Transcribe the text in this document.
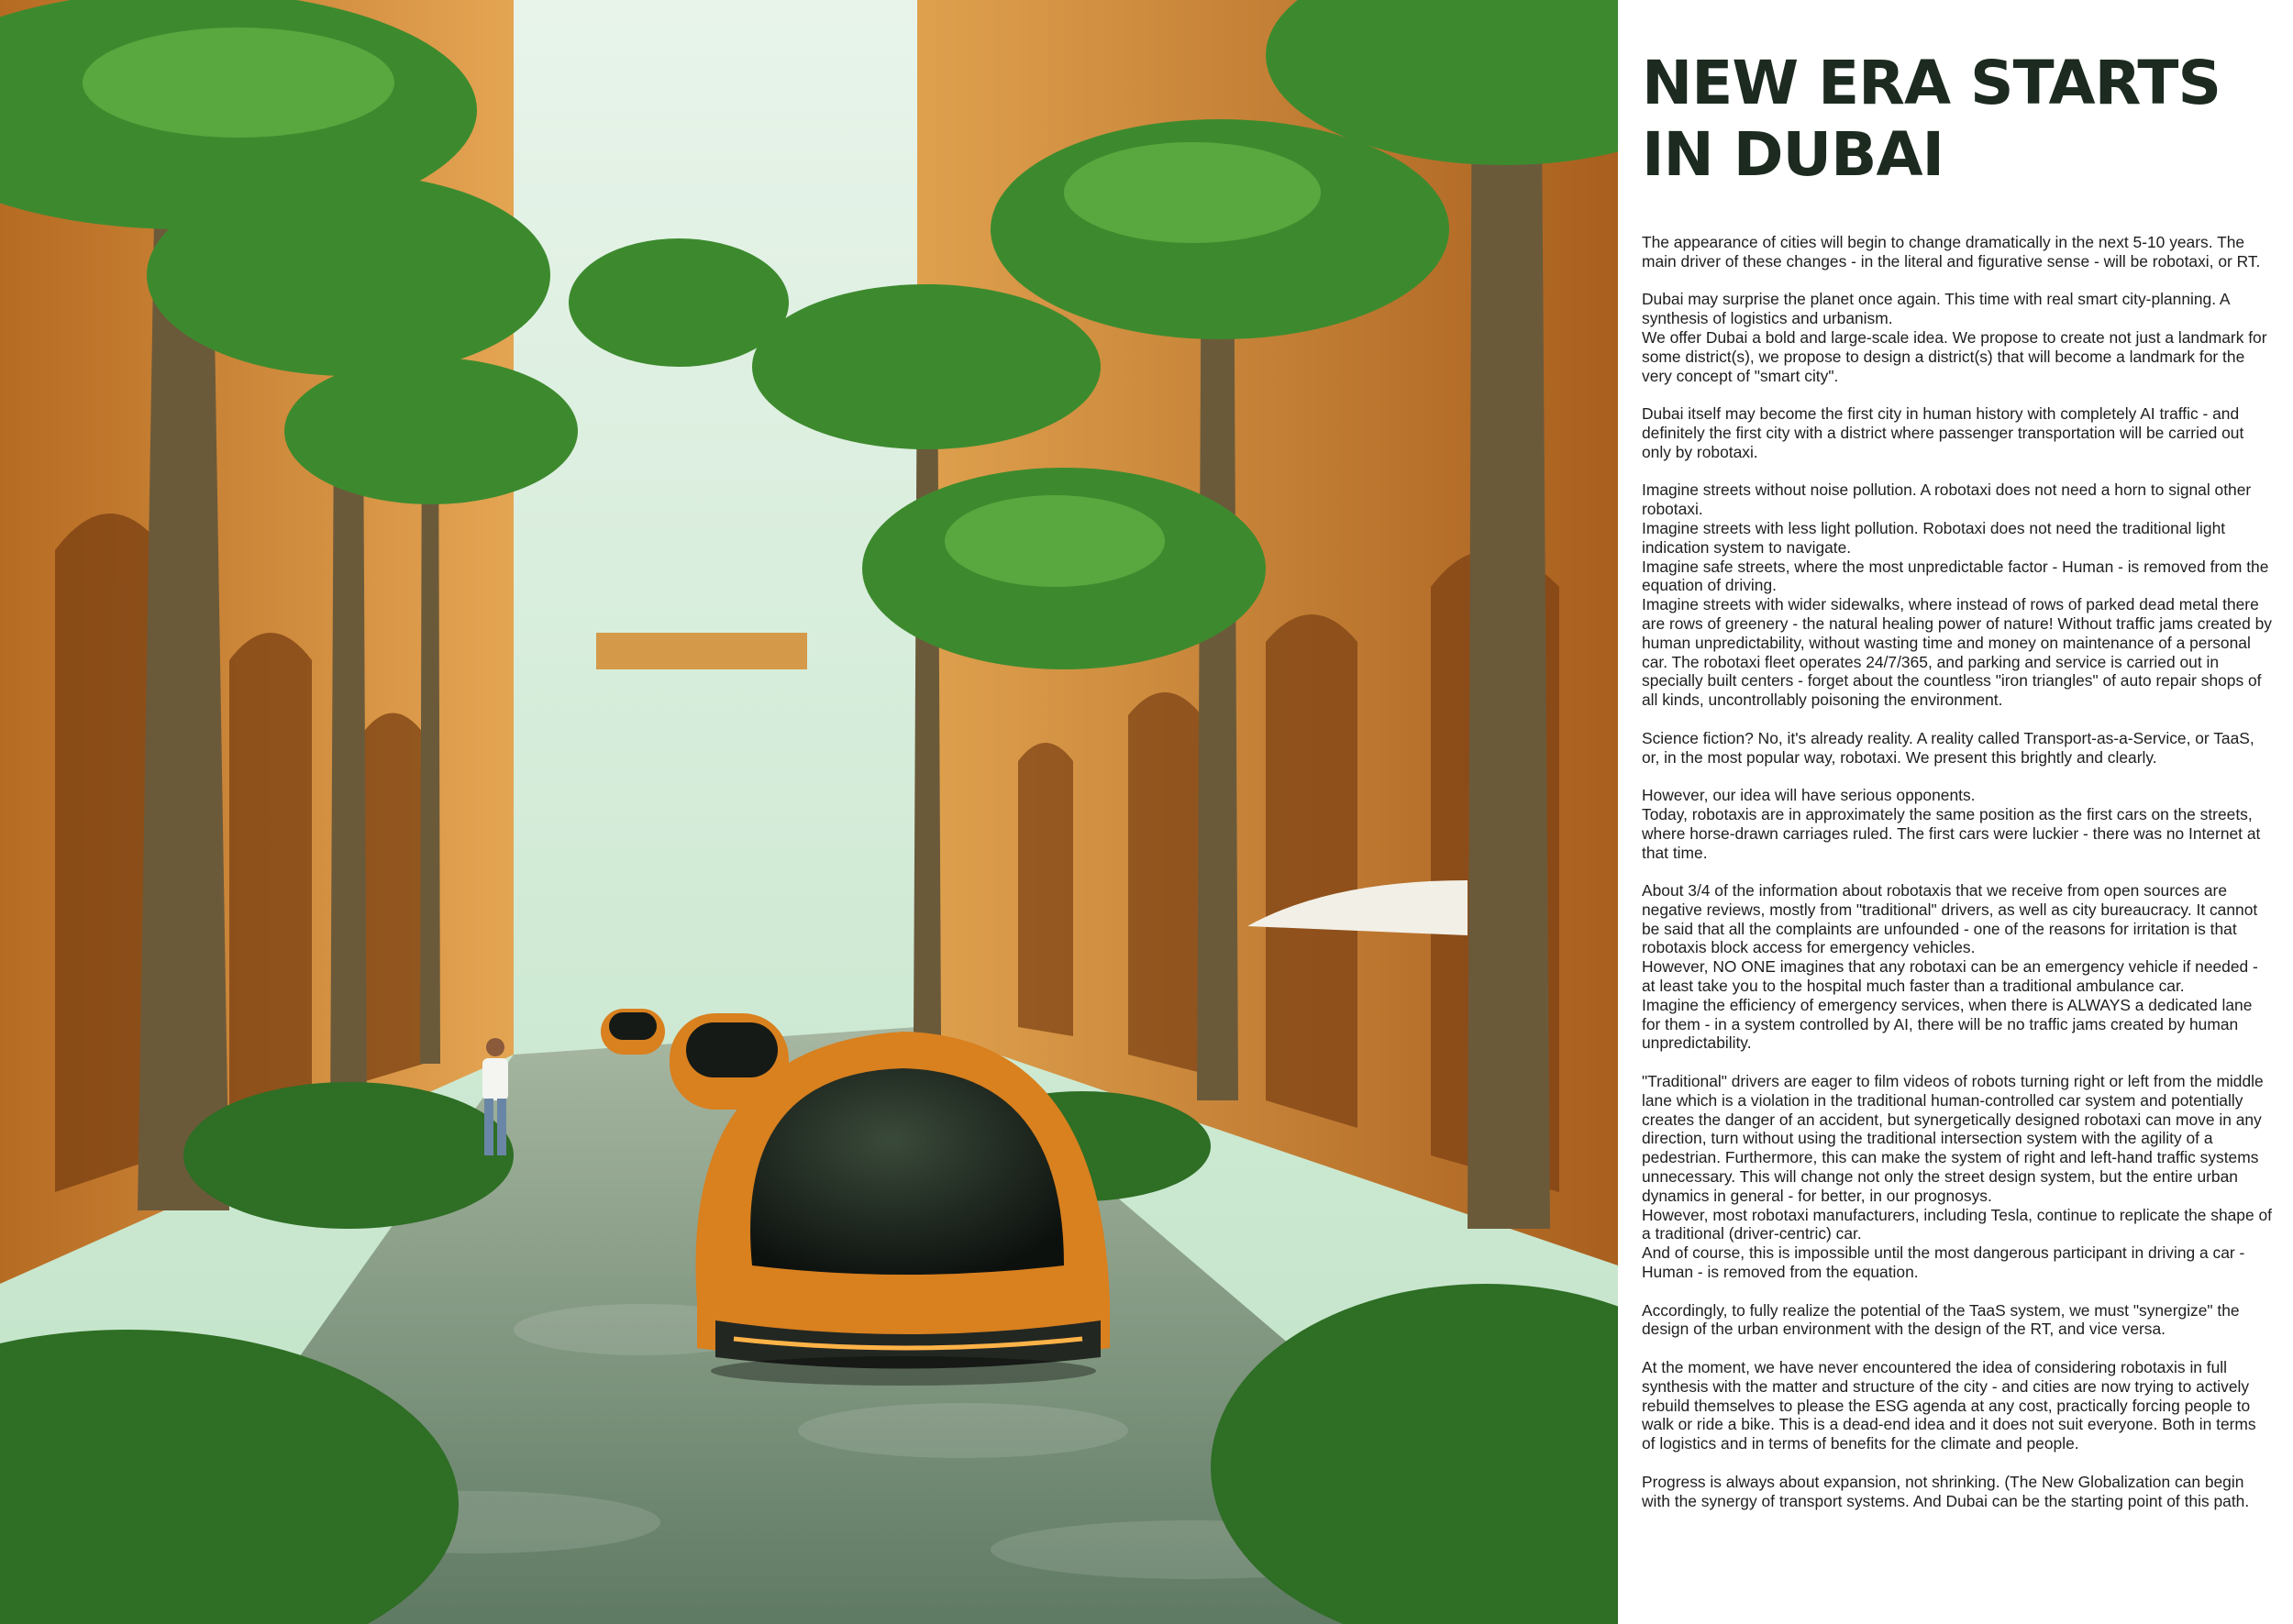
NEW ERA STARTS IN DUBAI

The appearance of cities will begin to change dramatically in the next 5-10 years. The main driver of these changes - in the literal and figurative sense - will be robotaxi, or RT.

Dubai may surprise the planet once again. This time with real smart city-planning. A synthesis of logistics and urbanism.
We offer Dubai a bold and large-scale idea. We propose to create not just a landmark for some district(s), we propose to design a district(s) that will become a landmark for the very concept of "smart city".

Dubai itself may become the first city in human history with completely AI traffic - and definitely the first city with a district where passenger transportation will be carried out only by robotaxi.

Imagine streets without noise pollution. A robotaxi does not need a horn to signal other robotaxi.
Imagine streets with less light pollution. Robotaxi does not need the traditional light indication system to navigate.
Imagine safe streets, where the most unpredictable factor - Human - is removed from the equation of driving.
Imagine streets with wider sidewalks, where instead of rows of parked dead metal there are rows of greenery - the natural healing power of nature! Without traffic jams created by human unpredictability, without wasting time and money on maintenance of a personal car. The robotaxi fleet operates 24/7/365, and parking and service is carried out in specially built centers - forget about the countless "iron triangles" of auto repair shops of all kinds, uncontrollably poisoning the environment.

Science fiction? No, it's already reality. A reality called Transport-as-a-Service, or TaaS, or, in the most popular way, robotaxi. We present this brightly and clearly.

However, our idea will have serious opponents.
Today, robotaxis are in approximately the same position as the first cars on the streets, where horse-drawn carriages ruled. The first cars were luckier - there was no Internet at that time.

About 3/4 of the information about robotaxis that we receive from open sources are negative reviews, mostly from "traditional" drivers, as well as city bureaucracy. It cannot be said that all the complaints are unfounded - one of the reasons for irritation is that robotaxis block access for emergency vehicles.
However, NO ONE imagines that any robotaxi can be an emergency vehicle if needed - at least take you to the hospital much faster than a traditional ambulance car.
Imagine the efficiency of emergency services, when there is ALWAYS a dedicated lane for them - in a system controlled by AI, there will be no traffic jams created by human unpredictability.

"Traditional" drivers are eager to film videos of robots turning right or left from the middle lane which is a violation in the traditional human-controlled car system and potentially creates the danger of an accident, but synergetically designed robotaxi can move in any direction, turn without using the traditional intersection system with the agility of a pedestrian. Furthermore, this can make the system of right and left-hand traffic systems unnecessary. This will change not only the street design system, but the entire urban dynamics in general - for better, in our prognosys.
However, most robotaxi manufacturers, including Tesla, continue to replicate the shape of a traditional (driver-centric) car.
And of course, this is impossible until the most dangerous participant in driving a car - Human - is removed from the equation.

Accordingly, to fully realize the potential of the TaaS system, we must "synergize" the design of the urban environment with the design of the RT, and vice versa.

At the moment, we have never encountered the idea of considering robotaxis in full synthesis with the matter and structure of the city - and cities are now trying to actively rebuild themselves to please the ESG agenda at any cost, practically forcing people to walk or ride a bike. This is a dead-end idea and it does not suit everyone. Both in terms of logistics and in terms of benefits for the climate and people.

Progress is always about expansion, not shrinking. (The New Globalization can begin with the synergy of transport systems. And Dubai can be the starting point of this path.
